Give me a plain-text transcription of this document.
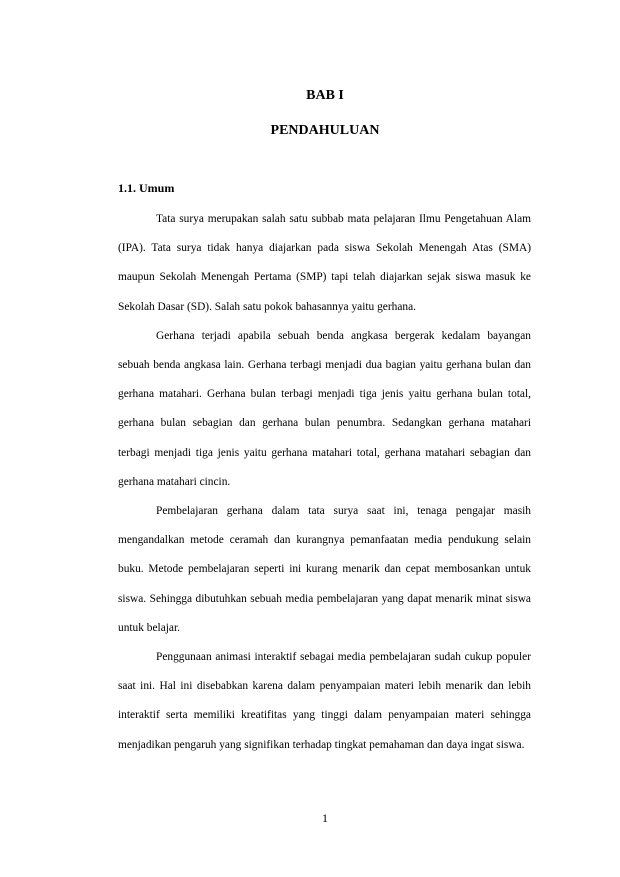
BAB I
PENDAHULUAN
1.1. Umum

Tata surya merupakan salah satu subbab mata pelajaran Ilmu Pengetahuan Alam (IPA). Tata surya tidak hanya diajarkan pada siswa Sekolah Menengah Atas (SMA) maupun Sekolah Menengah Pertama (SMP) tapi telah diajarkan sejak siswa masuk ke Sekolah Dasar (SD). Salah satu pokok bahasannya yaitu gerhana.

Gerhana terjadi apabila sebuah benda angkasa bergerak kedalam bayangan sebuah benda angkasa lain. Gerhana terbagi menjadi dua bagian yaitu gerhana bulan dan gerhana matahari. Gerhana bulan terbagi menjadi tiga jenis yaitu gerhana bulan total, gerhana bulan sebagian dan gerhana bulan penumbra. Sedangkan gerhana matahari terbagi menjadi tiga jenis yaitu gerhana matahari total, gerhana matahari sebagian dan gerhana matahari cincin.

Pembelajaran gerhana dalam tata surya saat ini, tenaga pengajar masih mengandalkan metode ceramah dan kurangnya pemanfaatan media pendukung selain buku. Metode pembelajaran seperti ini kurang menarik dan cepat membosankan untuk siswa. Sehingga dibutuhkan sebuah media pembelajaran yang dapat menarik minat siswa untuk belajar.

Penggunaan animasi interaktif sebagai media pembelajaran sudah cukup populer saat ini. Hal ini disebabkan karena dalam penyampaian materi lebih menarik dan lebih interaktif serta memiliki kreatifitas yang tinggi dalam penyampaian materi sehingga menjadikan pengaruh yang signifikan terhadap tingkat pemahaman dan daya ingat siswa.

1
